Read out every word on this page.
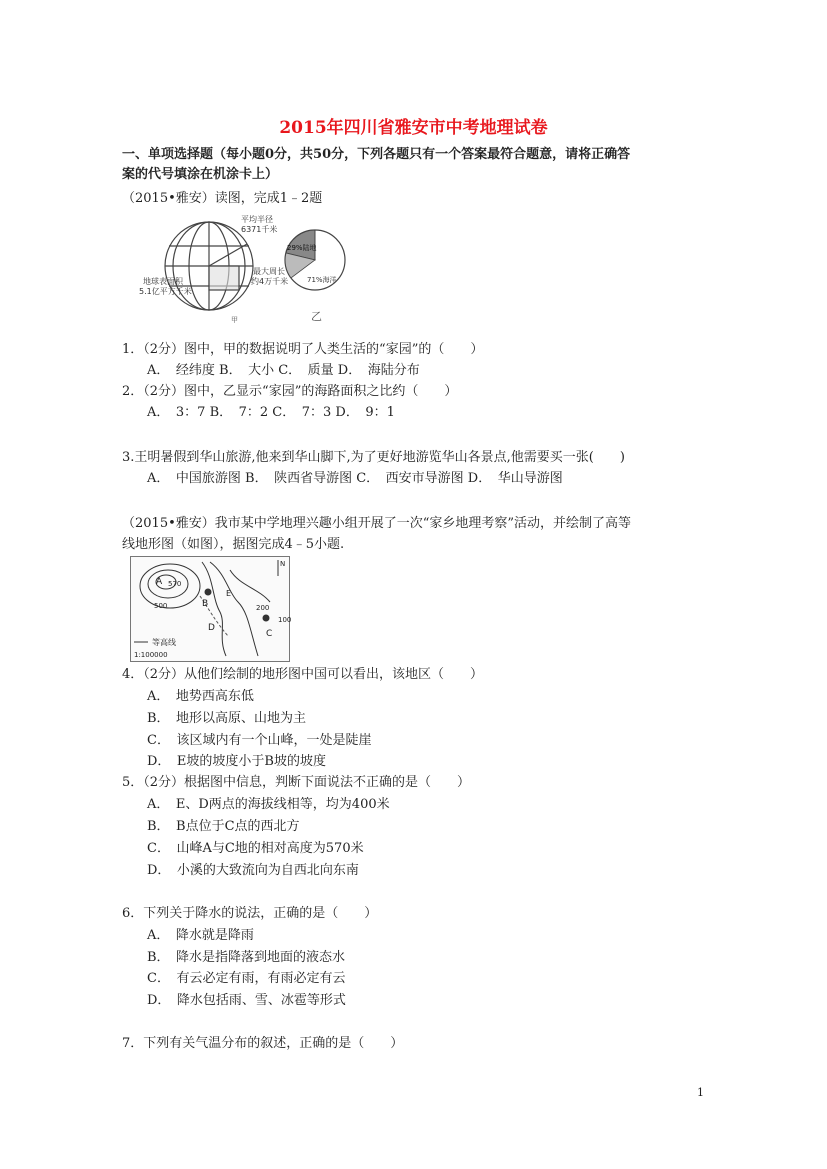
2015年四川省雅安市中考地理试卷
一、单项选择题（每小题0分，共50分，下列各题只有一个答案最符合题意，请将正确答
案的代号填涂在机涂卡上）
（2015•雅安）读图，完成1﹣2题
平均半径
6371千米
地球表面积
5.1亿平方千米
最大周长
约4万千米
甲
29%陆地
71%海洋
乙
1．（2分）图中，甲的数据说明了人类生活的“家园”的（　　）
A．　经纬度 B．　大小 C．　质量 D．　海陆分布
2．（2分）图中，乙显示“家园”的海路面积之比约（　　）
A．　3：7 B．　7：2 C．　7：3 D．　9：1
3.王明暑假到华山旅游,他来到华山脚下,为了更好地游览华山各景点,他需要买一张(　　)
A．　中国旅游图 B．　陕西省导游图 C．　西安市导游图 D．　华山导游图
（2015•雅安）我市某中学地理兴趣小组开展了一次“家乡地理考察”活动，并绘制了高等
线地形图（如图），据图完成4﹣5小题.
A 570
500	B
E
200
D
C
100
N
等高线
1:100000
4．（2分）从他们绘制的地形图中国可以看出，该地区（　　）
A．　地势西高东低
B．　地形以高原、山地为主
C．　该区域内有一个山峰，一处是陡崖
D．　E坡的坡度小于B坡的坡度
5．（2分）根据图中信息，判断下面说法不正确的是（　　）
A．　E、D两点的海拔线相等，均为400米
B．　B点位于C点的西北方
C．　山峰A与C地的相对高度为570米
D．　小溪的大致流向为自西北向东南
6．下列关于降水的说法，正确的是（　　）
A．　降水就是降雨
B．　降水是指降落到地面的液态水
C．　有云必定有雨，有雨必定有云
D．　降水包括雨、雪、冰雹等形式
7．下列有关气温分布的叙述，正确的是（　　）
1
